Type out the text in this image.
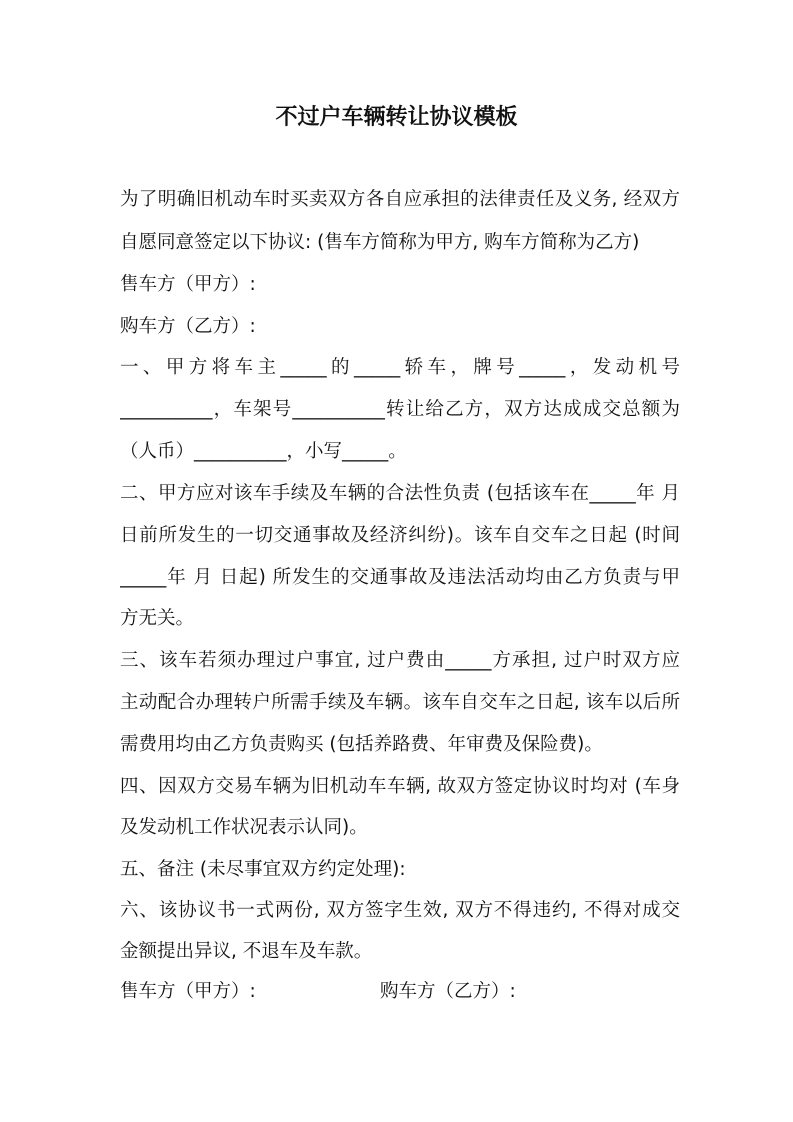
不过户车辆转让协议模板
为了明确旧机动车时买卖双方各自应承担的法律责任及义务, 经双方
自愿同意签定以下协议: (售车方简称为甲方, 购车方简称为乙方)
售车方（甲方）:
购车方（乙方）:
一、甲方将车主_____的_____轿车，牌号_____，发动机号
__________，车架号__________转让给乙方，双方达成成交总额为
（人币）__________，小写_____。
二、甲方应对该车手续及车辆的合法性负责 (包括该车在_____年 月
日前所发生的一切交通事故及经济纠纷)。该车自交车之日起 (时间
_____年 月 日起) 所发生的交通事故及违法活动均由乙方负责与甲
方无关。
三、该车若须办理过户事宜, 过户费由_____方承担, 过户时双方应
主动配合办理转户所需手续及车辆。该车自交车之日起, 该车以后所
需费用均由乙方负责购买 (包括养路费、年审费及保险费)。
四、因双方交易车辆为旧机动车车辆, 故双方签定协议时均对 (车身
及发动机工作状况表示认同)。
五、备注 (未尽事宜双方约定处理):
六、该协议书一式两份, 双方签字生效, 双方不得违约, 不得对成交
金额提出异议, 不退车及车款。
售车方（甲方）:	购车方（乙方）:
